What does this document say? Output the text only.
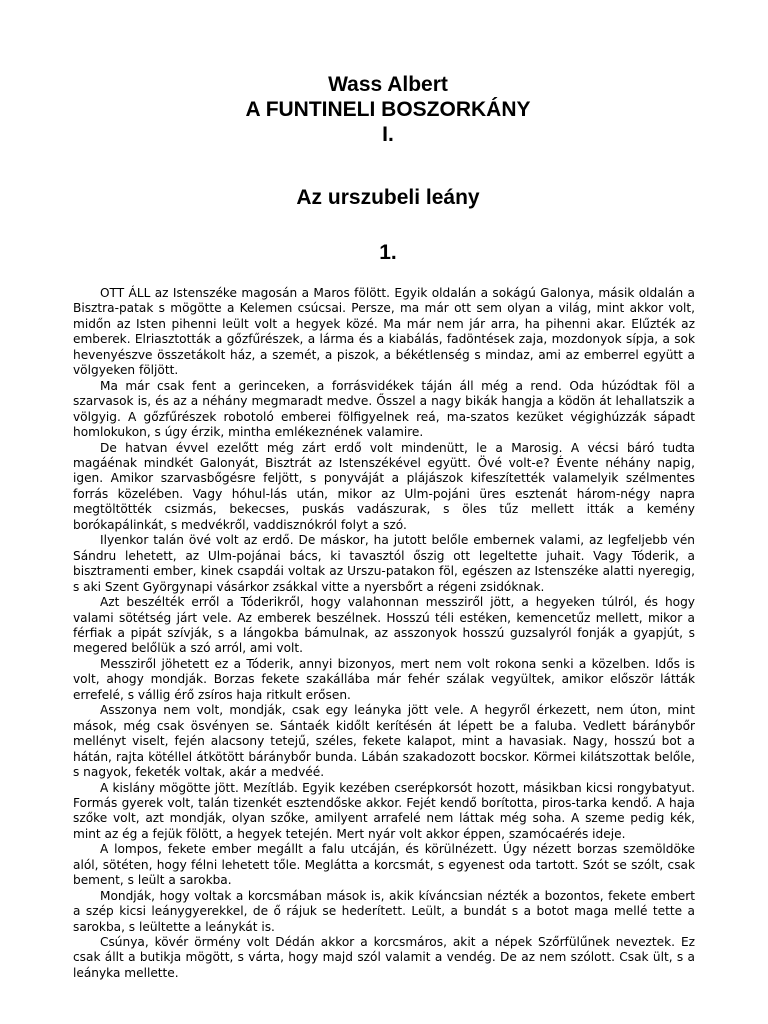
Wass Albert
A FUNTINELI BOSZORKÁNY
I.
Az urszubeli leány
1.

OTT ÁLL az Istenszéke magosán a Maros fölött. Egyik oldalán a sokágú Galonya, másik oldalán a Bisztra-patak s mögötte a Kelemen csúcsai. Persze, ma már ott sem olyan a világ, mint akkor volt, midőn az Isten pihenni leült volt a hegyek közé. Ma már nem jár arra, ha pihenni akar. Elűzték az emberek. Elriasztották a gőzfűrészek, a lárma és a kiabálás, fadöntések zaja, mozdonyok sípja, a sok hevenyészve összetákolt ház, a szemét, a piszok, a békétlenség s mindaz, ami az emberrel együtt a völgyeken följött.

Ma már csak fent a gerinceken, a forrásvidékek táján áll még a rend. Oda húzódtak föl a szarvasok is, és az a néhány megmaradt medve. Ősszel a nagy bikák hangja a ködön át lehallatszik a völgyig. A gőzfűrészek robotoló emberei fölfigyelnek reá, ma-szatos kezüket végighúzzák sápadt homlokukon, s úgy érzik, mintha emlékeznének valamire.

De hatvan évvel ezelőtt még zárt erdő volt mindenütt, le a Marosig. A vécsi báró tudta magáénak mindkét Galonyát, Bisztrát az Istenszékével együtt. Övé volt-e? Évente néhány napig, igen. Amikor szarvasbőgésre feljött, s ponyváját a plájászok kifeszítették valamelyik szélmentes forrás közelében. Vagy hóhul-lás után, mikor az Ulm-pojáni üres esztenát három-négy napra megtöltötték csizmás, bekecses, puskás vadászurak, s öles tűz mellett itták a kemény borókapálinkát, s medvékről, vaddisznókról folyt a szó.

Ilyenkor talán övé volt az erdő. De máskor, ha jutott belőle embernek valami, az legfeljebb vén Sándru lehetett, az Ulm-pojánai bács, ki tavasztól őszig ott legeltette juhait. Vagy Tóderik, a bisztramenti ember, kinek csapdái voltak az Urszu-patakon föl, egészen az Istenszéke alatti nyeregig, s aki Szent Györgynapi vásárkor zsákkal vitte a nyersbőrt a régeni zsidóknak.

Azt beszélték erről a Tóderikről, hogy valahonnan messziről jött, a hegyeken túlról, és hogy valami sötétség járt vele. Az emberek beszélnek. Hosszú téli estéken, kemencetűz mellett, mikor a férfiak a pipát szívják, s a lángokba bámulnak, az asszonyok hosszú guzsalyról fonják a gyapjút, s megered belőlük a szó arról, ami volt.

Messziről jöhetett ez a Tóderik, annyi bizonyos, mert nem volt rokona senki a közelben. Idős is volt, ahogy mondják. Borzas fekete szakállába már fehér szálak vegyültek, amikor először látták errefelé, s vállig érő zsíros haja ritkult erősen.

Asszonya nem volt, mondják, csak egy leányka jött vele. A hegyről érkezett, nem úton, mint mások, még csak ösvényen se. Sántaék kidőlt kerítésén át lépett be a faluba. Vedlett báránybőr mellényt viselt, fején alacsony tetejű, széles, fekete kalapot, mint a havasiak. Nagy, hosszú bot a hátán, rajta kötéllel átkötött báránybőr bunda. Lábán szakadozott bocskor. Körmei kilátszottak belőle, s nagyok, feketék voltak, akár a medvéé.

A kislány mögötte jött. Mezítláb. Egyik kezében cserépkorsót hozott, másikban kicsi rongybatyut. Formás gyerek volt, talán tizenkét esztendőske akkor. Fejét kendő borította, piros-tarka kendő. A haja szőke volt, azt mondják, olyan szőke, amilyent arrafelé nem láttak még soha. A szeme pedig kék, mint az ég a fejük fölött, a hegyek tetején. Mert nyár volt akkor éppen, szamócaérés ideje.

A lompos, fekete ember megállt a falu utcáján, és körülnézett. Úgy nézett borzas szemöldöke alól, sötéten, hogy félni lehetett tőle. Meglátta a korcsmát, s egyenest oda tartott. Szót se szólt, csak bement, s leült a sarokba.

Mondják, hogy voltak a korcsmában mások is, akik kíváncsian nézték a bozontos, fekete embert a szép kicsi leánygyerekkel, de ő rájuk se hederített. Leült, a bundát s a botot maga mellé tette a sarokba, s leültette a leánykát is.

Csúnya, kövér örmény volt Dédán akkor a korcsmáros, akit a népek Szőrfülűnek neveztek. Ez csak állt a butikja mögött, s várta, hogy majd szól valamit a vendég. De az nem szólott. Csak ült, s a leányka mellette.
